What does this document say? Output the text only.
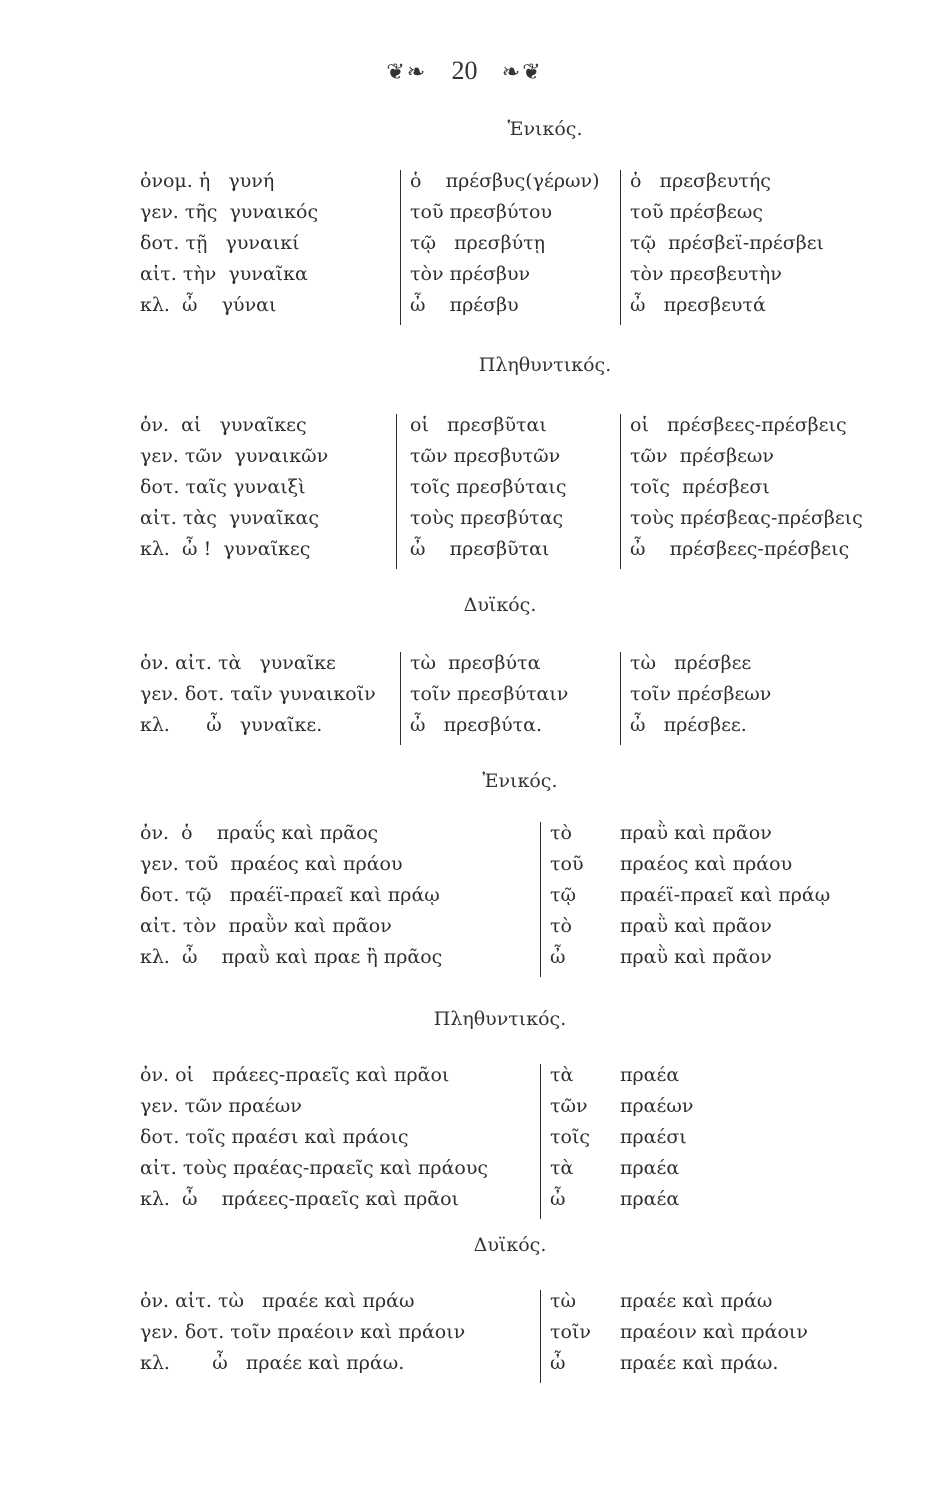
❦❧ 20 ❧❦
Ἑνικός.
ὀνομ. ἡ   γυνή
γεν. τῆς  γυναικός
δοτ. τῇ   γυναικί
αἰτ. τὴν  γυναῖκα
κλ.  ὦ    γύναι
ὁ    πρέσβυς(γέρων)
τοῦ πρεσβύτου
τῷ   πρεσβύτῃ
τὸν πρέσβυν
ὦ    πρέσβυ
ὁ   πρεσβευτής
τοῦ πρέσβεως
τῷ  πρέσβεϊ-πρέσβει
τὸν πρεσβευτὴν
ὦ   πρεσβευτά
Πληθυντικός.
ὀν.  αἱ   γυναῖκες
γεν. τῶν  γυναικῶν
δοτ. ταῖς γυναιξὶ
αἰτ. τὰς  γυναῖκας
κλ.  ὦ !  γυναῖκες
οἱ   πρεσβῦται
τῶν πρεσβυτῶν
τοῖς πρεσβύταις
τοὺς πρεσβύτας
ὦ    πρεσβῦται
οἱ   πρέσβεες-πρέσβεις
τῶν  πρέσβεων
τοῖς  πρέσβεσι
τοὺς πρέσβεας-πρέσβεις
ὦ    πρέσβεες-πρέσβεις
Δυϊκός.
ὀν. αἰτ. τὰ   γυναῖκε
γεν. δοτ. ταῖν γυναικοῖν
κλ.      ὦ   γυναῖκε.
τὼ  πρεσβύτα
τοῖν πρεσβύταιν
ὦ   πρεσβύτα.
τὼ   πρέσβεε
τοῖν πρέσβεων
ὦ   πρέσβεε.
Ἑνικός.
ὀν.  ὁ    πραΰς καὶ πρᾶος
γεν. τοῦ  πραέος καὶ πράου
δοτ. τῷ   πραέϊ-πραεῖ καὶ πράῳ
αἰτ. τὸν  πραῢν καὶ πρᾶον
κλ.  ὦ    πραῢ καὶ πραε ἢ πρᾶος
τὸ
τοῦ
τῷ
τὸ
ὦ
πραῢ καὶ πρᾶον
πραέος καὶ πράου
πραέϊ-πραεῖ καὶ πράῳ
πραῢ καὶ πρᾶον
πραῢ καὶ πρᾶον
Πληθυντικός.
ὀν. οἱ   πράεες-πραεῖς καὶ πρᾶοι
γεν. τῶν πραέων
δοτ. τοῖς πραέσι καὶ πράοις
αἰτ. τοὺς πραέας-πραεῖς καὶ πράους
κλ.  ὦ    πράεες-πραεῖς καὶ πρᾶοι
τὰ
τῶν
τοῖς
τὰ
ὦ
πραέα
πραέων
πραέσι
πραέα
πραέα
Δυϊκός.
ὀν. αἰτ. τὼ   πραέε καὶ πράω
γεν. δοτ. τοῖν πραέοιν καὶ πράοιν
κλ.       ὦ   πραέε καὶ πράω.
τὼ
τοῖν
ὦ
πραέε καὶ πράω
πραέοιν καὶ πράοιν
πραέε καὶ πράω.
